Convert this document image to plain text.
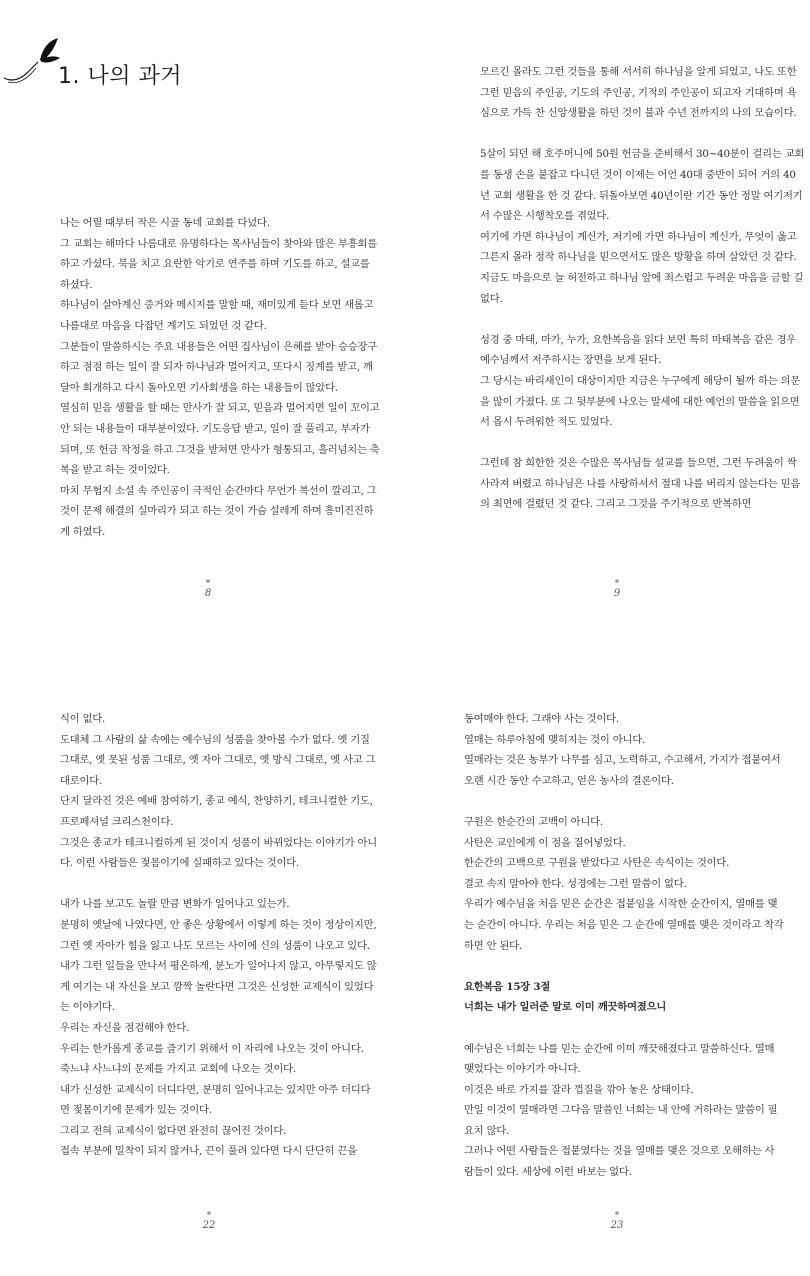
1. 나의 과거

나는 어릴 때부터 작은 시골 동네 교회를 다녔다.

그 교회는 해마다 나름대로 유명하다는 목사님들이 찾아와 많은 부흥회를 하고 가셨다. 북을 치고 요란한 악기로 연주를 하며 기도를 하고, 설교를 하셨다.

하나님이 살아계신 증거와 메시지를 말할 때, 재미있게 듣다 보면 새롭고 나름대로 마음을 다잡던 계기도 되었던 것 같다.

그분들이 말씀하시는 주요 내용들은 어떤 집사님이 은혜를 받아 승승장구하고 점점 하는 일이 잘 되자 하나님과 멀어지고, 또다시 징계를 받고, 깨달아 회개하고 다시 돌아오면 기사회생을 하는 내용들이 많았다.

열심히 믿음 생활을 할 때는 만사가 잘 되고, 믿음과 멀어지면 일이 꼬이고 안 되는 내용들이 대부분이었다. 기도응답 받고, 일이 잘 풀리고, 부자가 되며, 또 헌금 작정을 하고 그것을 받쳐면 만사가 형통되고, 흘러넘치는 축복을 받고 하는 것이었다.

마치 무협지 소설 속 주인공이 극적인 순간마다 무언가 복선이 깔리고, 그것이 문제 해결의 실마리가 되고 하는 것이 가슴 설레게 하며 흥미진진하게 하였다.

*
8

모르긴 몰라도 그런 것들을 통해 서서히 하나님을 알게 되었고, 나도 또한 그런 믿음의 주인공, 기도의 주인공, 기적의 주인공이 되고자 기대하며 욕심으로 가득 찬 신앙생활을 하던 것이 불과 수년 전까지의 나의 모습이다.

5살이 되던 해 호주머니에 50원 헌금을 준비해서 30~40분이 걸리는 교회를 동생 손을 붙잡고 다니던 것이 이제는 어언 40대 중반이 되어 거의 40년 교회 생활을 한 것 같다. 뒤돌아보면 40년이란 기간 동안 정말 여기저기서 수많은 시행착오를 겪었다.

여기에 가면 하나님이 계신가, 저기에 가면 하나님이 계신가, 무엇이 옳고 그른지 몰라 정작 하나님을 믿으면서도 많은 방황을 하며 살았던 것 같다. 지금도 마음으로 늘 허전하고 하나님 앞에 죄스럽고 두려운 마음을 금할 길 없다.

성경 중 마태, 마가, 누가, 요한복음을 읽다 보면 특히 마태복음 같은 경우 예수님께서 저주하시는 장면을 보게 된다.

그 당시는 바리새인이 대상이지만 지금은 누구에게 해당이 될까 하는 의문을 많이 가졌다. 또 그 뒷부분에 나오는 말세에 대한 예언의 말씀을 읽으면서 몹시 두려워한 적도 있었다.

그런데 참 희한한 것은 수많은 목사님들 설교를 들으면, 그런 두려움이 싹 사라져 버렸고 하나님은 나를 사랑하셔서 절대 나를 버리지 않는다는 믿음의 최면에 걸렸던 것 같다. 그리고 그것을 주기적으로 반복하면

*
9

식이 없다.

도대체 그 사람의 삶 속에는 예수님의 성품을 찾아볼 수가 없다. 옛 기질 그대로, 옛 못된 성품 그대로, 옛 자아 그대로, 옛 방식 그대로, 옛 사고 그대로이다.

단지 달라진 것은 예배 참여하기, 종교 예식, 찬양하기, 테크니컬한 기도, 프로페셔널 크리스천이다.

그것은 종교가 테크니컬하게 된 것이지 성품이 바뀌었다는 이야기가 아니다. 이런 사람들은 젖몸이기에 실패하고 있다는 것이다.

내가 나를 보고도 놀랄 만큼 변화가 일어나고 있는가.

분명히 옛날에 나였다면, 안 좋은 상황에서 이렇게 하는 것이 정상이지만, 그런 옛 자아가 힘을 잃고 나도 모르는 사이에 신의 성품이 나오고 있다.

내가 그런 일들을 만나서 평온하게, 분노가 일어나지 않고, 아무렇지도 않게 여기는 내 자신을 보고 깜짝 놀란다면 그것은 신성한 교제식이 있었다는 이야기다.

우리는 자신을 점검해야 한다.

우리는 한가롭게 종교를 즐기기 위해서 이 자리에 나오는 것이 아니다.

죽느냐 사느냐의 문제를 가지고 교회에 나오는 것이다.

내가 신성한 교제식이 더디다면, 분명히 일어나고는 있지만 아주 더디다면 젖몸이기에 문제가 있는 것이다.

그리고 전혀 교제식이 없다면 완전히 끊어진 것이다.

접속 부분에 밀착이 되지 않거나, 끈이 풀려 있다면 다시 단단히 끈을

*
22

동여매야 한다. 그래야 사는 것이다.

열매는 하루아침에 맺히지는 것이 아니다.

열매라는 것은 농부가 나무를 심고, 노력하고, 수고해서, 가지가 접붙여서 오랜 시간 동안 수고하고, 얻은 농사의 결론이다.

구원은 한순간의 고백이 아니다.

사탄은 교인에게 이 점을 질어넣었다.

한순간의 고백으로 구원을 받았다고 사탄은 속식이는 것이다.

결코 속지 말아야 한다. 성경에는 그런 말씀이 없다.

우리가 예수님을 처음 믿은 순간은 접붙임을 시작한 순간이지, 열매를 맺는 순간이 아니다. 우리는 처음 믿은 그 순간에 열매를 맺은 것이라고 착각하면 안 된다.

요한복음 15장 3절

너희는 내가 일러준 말로 이미 깨끗하여졌으니

예수님은 너희는 나를 믿는 순간에 이미 깨끗해졌다고 말씀하신다. 열매 맺었다는 이야기가 아니다.

이것은 바로 가지를 잘라 껍질을 깎아 놓은 상태이다.

만일 이것이 열매라면 그다음 말씀인 너희는 내 안에 거하라는 말씀이 필요치 않다.

그러나 어떤 사람들은 접붙였다는 것을 열매를 맺은 것으로 오해하는 사람들이 있다. 세상에 이런 바보는 없다.

*
23
